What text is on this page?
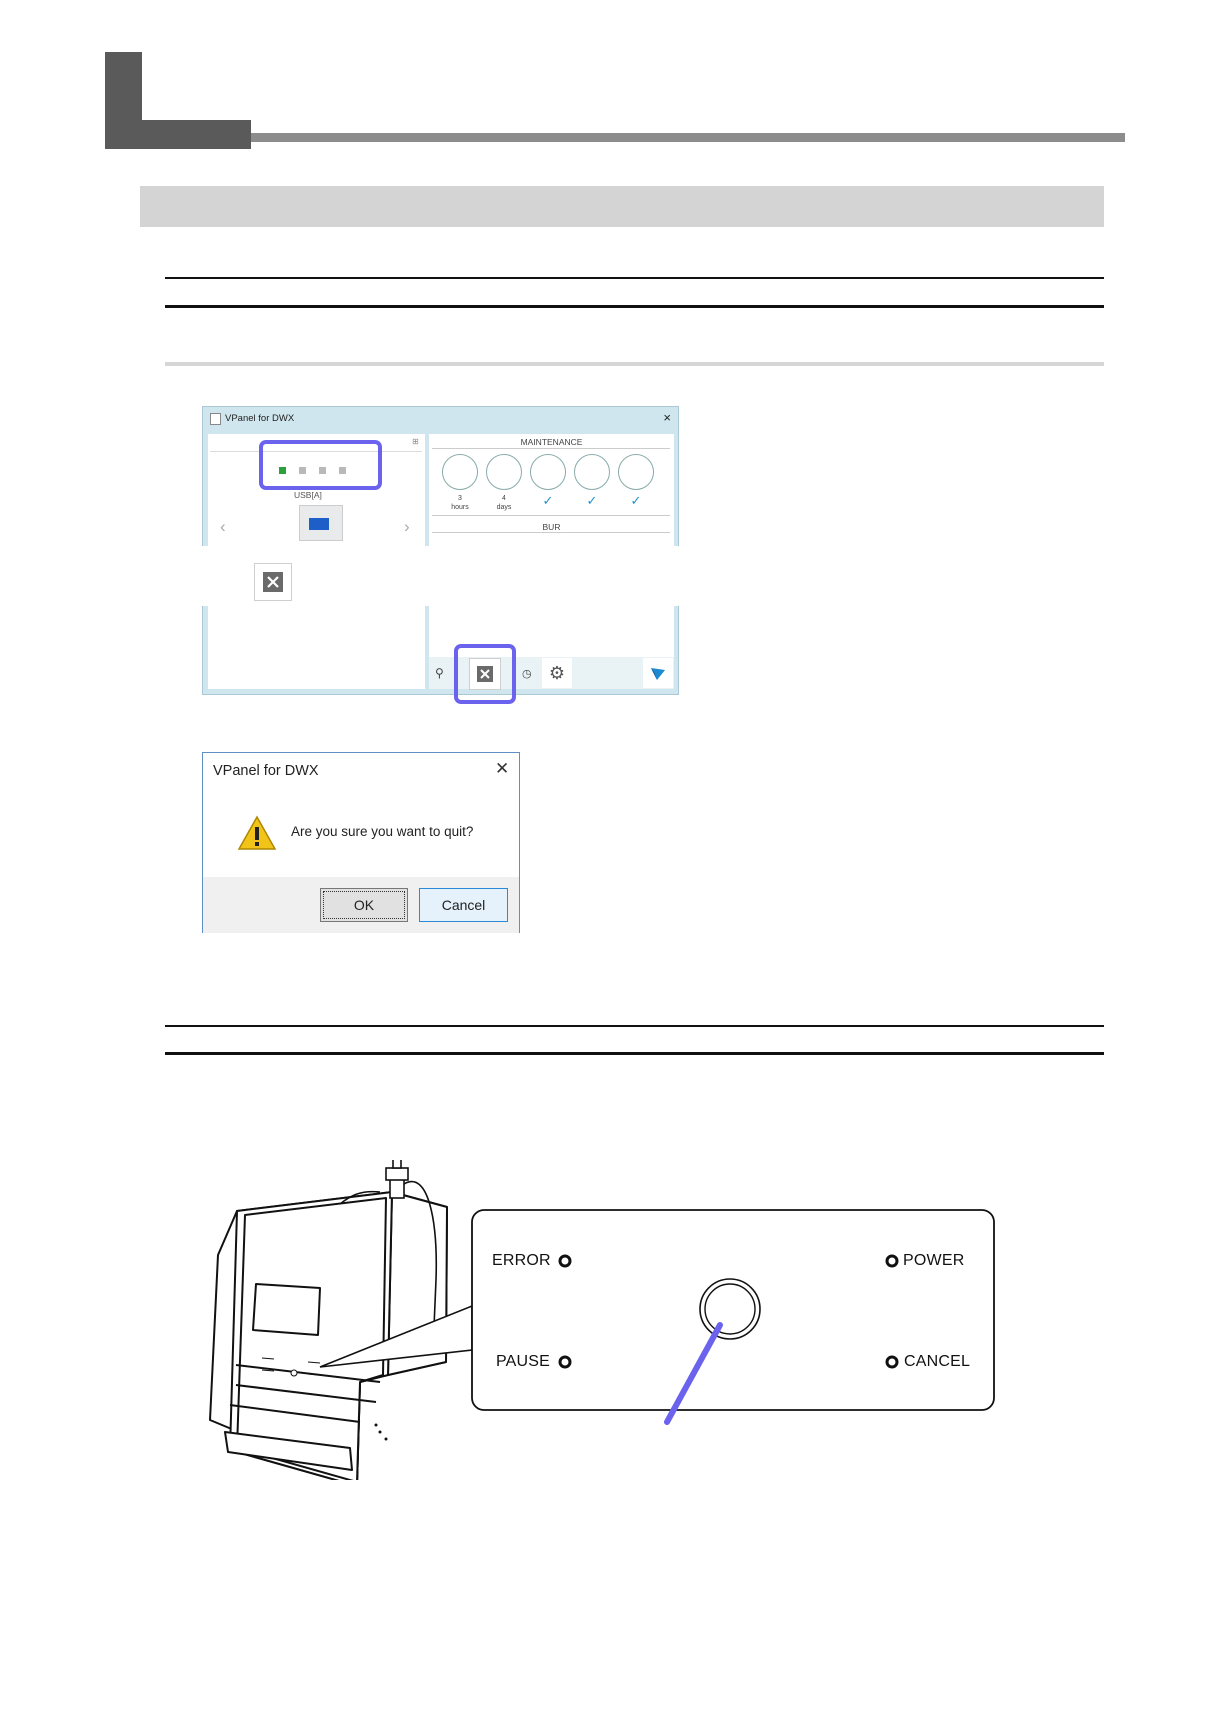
VPanel for DWX	×
⊞
USB[A]
‹	›
MAINTENANCE
3
hours
4
days	✓	✓	✓
BUR
⚲	◷ ⚙
VPanel for DWX	✕
Are you sure you want to quit?
OK	Cancel
ERROR	POWER
PAUSE	CANCEL
